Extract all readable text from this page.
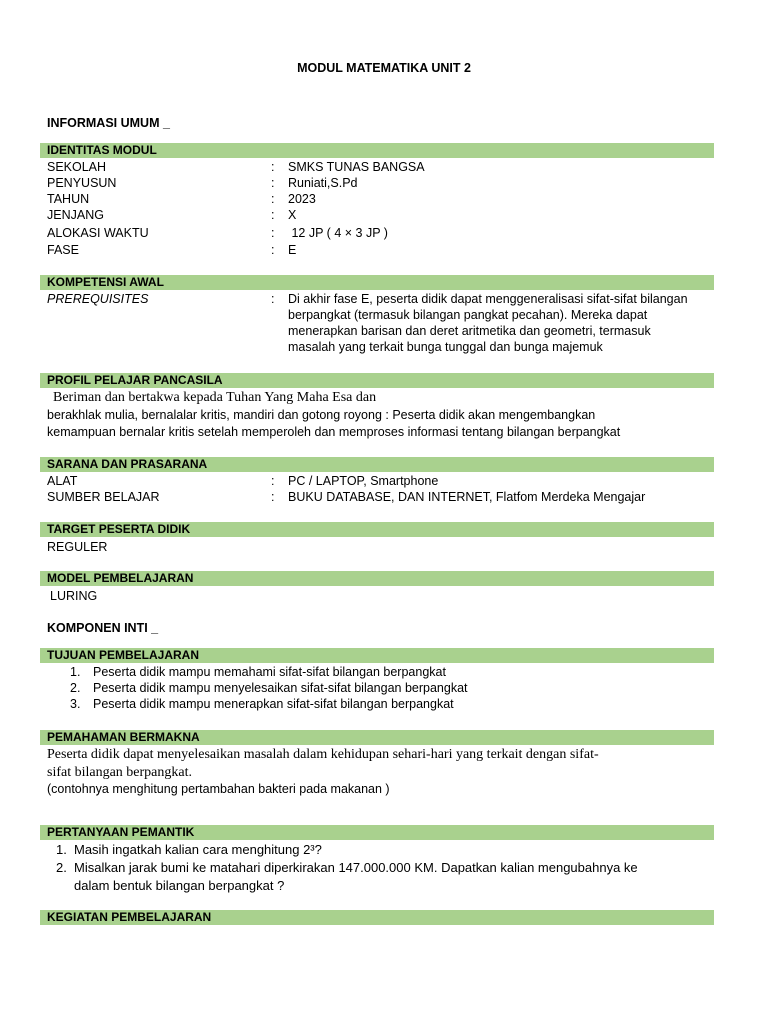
MODUL MATEMATIKA UNIT 2
INFORMASI UMUM _
IDENTITAS MODUL
SEKOLAH	: SMKS TUNAS BANGSA
PENYUSUN	: Runiati,S.Pd
TAHUN	: 2023
JENJANG	: X
ALOKASI WAKTU	: 12 JP ( 4 × 3 JP )
FASE	: E
KOMPETENSI AWAL
PREREQUISITES	: Di akhir fase E, peserta didik dapat menggeneralisasi sifat-sifat bilangan
berpangkat (termasuk bilangan pangkat pecahan). Mereka dapat
menerapkan barisan dan deret aritmetika dan geometri, termasuk
masalah yang terkait bunga tunggal dan bunga majemuk
PROFIL PELAJAR PANCASILA
Beriman dan bertakwa kepada Tuhan Yang Maha Esa dan
berakhlak mulia, bernalalar kritis, mandiri dan gotong royong : Peserta didik akan mengembangkan
kemampuan bernalar kritis setelah memperoleh dan memproses informasi tentang bilangan berpangkat
SARANA DAN PRASARANA
ALAT	: PC / LAPTOP, Smartphone
SUMBER BELAJAR	: BUKU DATABASE, DAN INTERNET, Flatfom Merdeka Mengajar
TARGET PESERTA DIDIK
REGULER
MODEL PEMBELAJARAN
LURING
KOMPONEN INTI _
TUJUAN PEMBELAJARAN
1. Peserta didik mampu memahami sifat-sifat bilangan berpangkat
2. Peserta didik mampu menyelesaikan sifat-sifat bilangan berpangkat
3. Peserta didik mampu menerapkan sifat-sifat bilangan berpangkat
PEMAHAMAN BERMAKNA
Peserta didik dapat menyelesaikan masalah dalam kehidupan sehari-hari yang terkait dengan sifat-
sifat bilangan berpangkat.
(contohnya menghitung pertambahan bakteri pada makanan )
PERTANYAAN PEMANTIK
1. Masih ingatkah kalian cara menghitung 2³?
2. Misalkan jarak bumi ke matahari diperkirakan 147.000.000 KM. Dapatkan kalian mengubahnya ke
dalam bentuk bilangan berpangkat ?
KEGIATAN PEMBELAJARAN
